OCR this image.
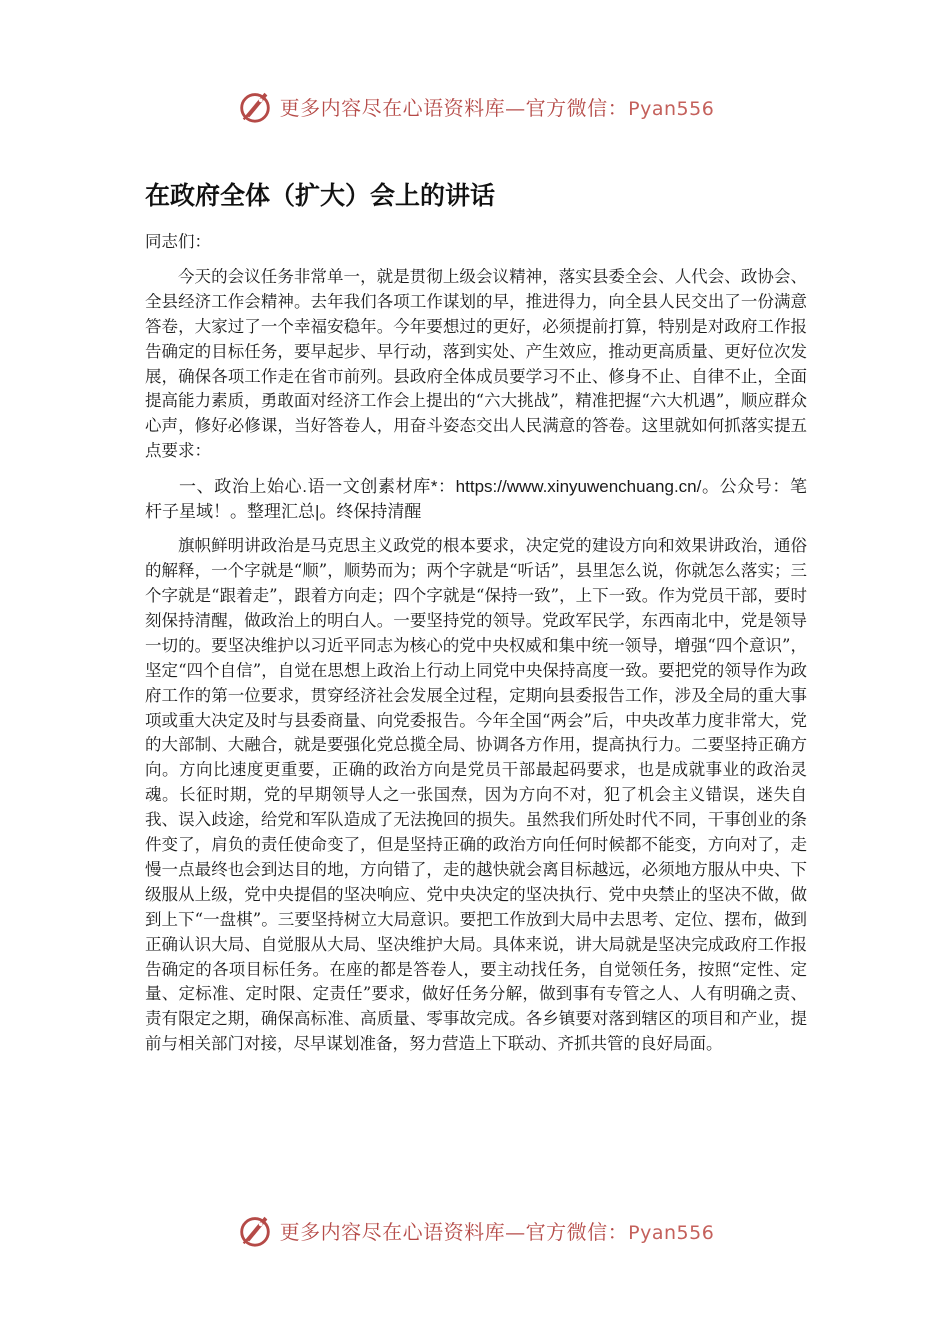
更多内容尽在心语资料库—官方微信：Pyan556
在政府全体（扩大）会上的讲话

同志们：

今天的会议任务非常单一，就是贯彻上级会议精神，落实县委全会、人代会、政协会、全县经济工作会精神。去年我们各项工作谋划的早，推进得力，向全县人民交出了一份满意答卷，大家过了一个幸福安稳年。今年要想过的更好，必须提前打算，特别是对政府工作报告确定的目标任务，要早起步、早行动，落到实处、产生效应，推动更高质量、更好位次发展，确保各项工作走在省市前列。县政府全体成员要学习不止、修身不止、自律不止，全面提高能力素质，勇敢面对经济工作会上提出的“六大挑战”，精准把握“六大机遇”，顺应群众心声，修好必修课，当好答卷人，用奋斗姿态交出人民满意的答卷。这里就如何抓落实提五点要求：

一、政治上始心.语一文创素材库*：https://www.xinyuwenchuang.cn/。公众号：笔杆子星域！。整理汇总|。终保持清醒

旗帜鲜明讲政治是马克思主义政党的根本要求，决定党的建设方向和效果讲政治，通俗的解释，一个字就是“顺”，顺势而为；两个字就是“听话”，县里怎么说，你就怎么落实；三个字就是“跟着走”，跟着方向走；四个字就是“保持一致”，上下一致。作为党员干部，要时刻保持清醒，做政治上的明白人。一要坚持党的领导。党政军民学，东西南北中，党是领导一切的。要坚决维护以习近平同志为核心的党中央权威和集中统一领导，增强“四个意识”，坚定“四个自信”，自觉在思想上政治上行动上同党中央保持高度一致。要把党的领导作为政府工作的第一位要求，贯穿经济社会发展全过程，定期向县委报告工作，涉及全局的重大事项或重大决定及时与县委商量、向党委报告。今年全国“两会”后，中央改革力度非常大，党的大部制、大融合，就是要强化党总揽全局、协调各方作用，提高执行力。二要坚持正确方向。方向比速度更重要，正确的政治方向是党员干部最起码要求，也是成就事业的政治灵魂。长征时期，党的早期领导人之一张国焘，因为方向不对，犯了机会主义错误，迷失自我、误入歧途，给党和军队造成了无法挽回的损失。虽然我们所处时代不同，干事创业的条件变了，肩负的责任使命变了，但是坚持正确的政治方向任何时候都不能变，方向对了，走慢一点最终也会到达目的地，方向错了，走的越快就会离目标越远，必须地方服从中央、下级服从上级，党中央提倡的坚决响应、党中央决定的坚决执行、党中央禁止的坚决不做，做到上下“一盘棋”。三要坚持树立大局意识。要把工作放到大局中去思考、定位、摆布，做到正确认识大局、自觉服从大局、坚决维护大局。具体来说，讲大局就是坚决完成政府工作报告确定的各项目标任务。在座的都是答卷人，要主动找任务，自觉领任务，按照“定性、定量、定标准、定时限、定责任”要求，做好任务分解，做到事有专管之人、人有明确之责、责有限定之期，确保高标准、高质量、零事故完成。各乡镇要对落到辖区的项目和产业，提前与相关部门对接，尽早谋划准备，努力营造上下联动、齐抓共管的良好局面。

更多内容尽在心语资料库—官方微信：Pyan556
